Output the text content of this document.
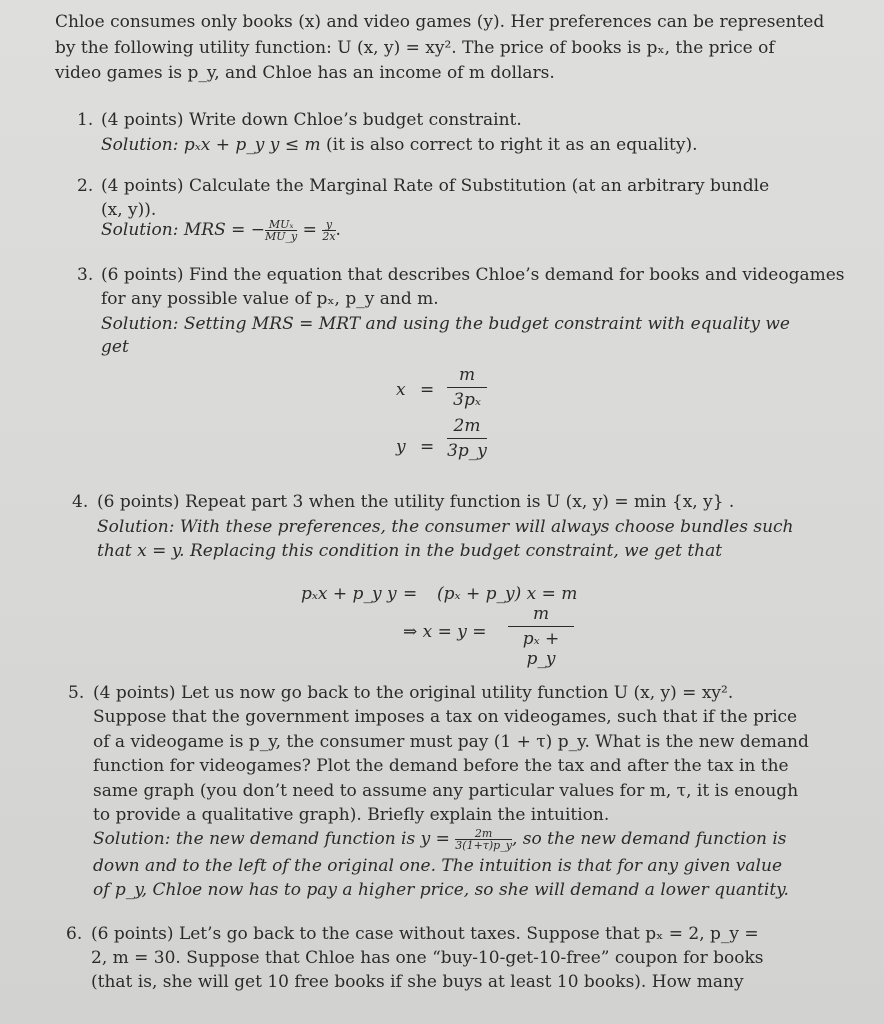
Chloe consumes only books (x) and video games (y). Her preferences can be represented
by the following utility function: U (x, y) = xy². The price of books is pₓ, the price of
video games is p_y, and Chloe has an income of m dollars.
1. (4 points) Write down Chloe’s budget constraint.
Solution: pₓx + p_y y ≤ m (it is also correct to right it as an equality).
2. (4 points) Calculate the Marginal Rate of Substitution (at an arbitrary bundle
(x, y)).
Solution: MRS = $-\frac{\text{MUₓ}}{MU\_y} = \frac{y}{2x}$.
3. (6 points) Find the equation that describes Chloe’s demand for books and videogames
for any possible value of pₓ, p_y and m.
Solution: Setting MRS = MRT and using the budget constraint with equality we
get
x =
m
3pₓ
y =
2m
3p_y
4. (6 points) Repeat part 3 when the utility function is U (x, y) = min {x, y} .
Solution: With these preferences, the consumer will always choose bundles such
that x = y. Replacing this condition in the budget constraint, we get that
pₓx + p_y y = (pₓ + p_y) x = m
⇒ x = y =
m
pₓ + p_y
5. (4 points) Let us now go back to the original utility function U (x, y) = xy².
Suppose that the government imposes a tax on videogames, such that if the price
of a videogame is p_y, the consumer must pay (1 + τ) p_y. What is the new demand
function for videogames? Plot the demand before the tax and after the tax in the
same graph (you don’t need to assume any particular values for m, τ, it is enough
to provide a qualitative graph). Briefly explain the intuition.
Solution: the new demand function is $y = \frac{2m}{3(1+\tau)p\_y}$, so the new demand function is
down and to the left of the original one. The intuition is that for any given value
of p_y, Chloe now has to pay a higher price, so she will demand a lower quantity.
6. (6 points) Let’s go back to the case without taxes. Suppose that pₓ = 2, p_y =
2, m = 30. Suppose that Chloe has one “buy-10-get-10-free” coupon for books
(that is, she will get 10 free books if she buys at least 10 books). How many
